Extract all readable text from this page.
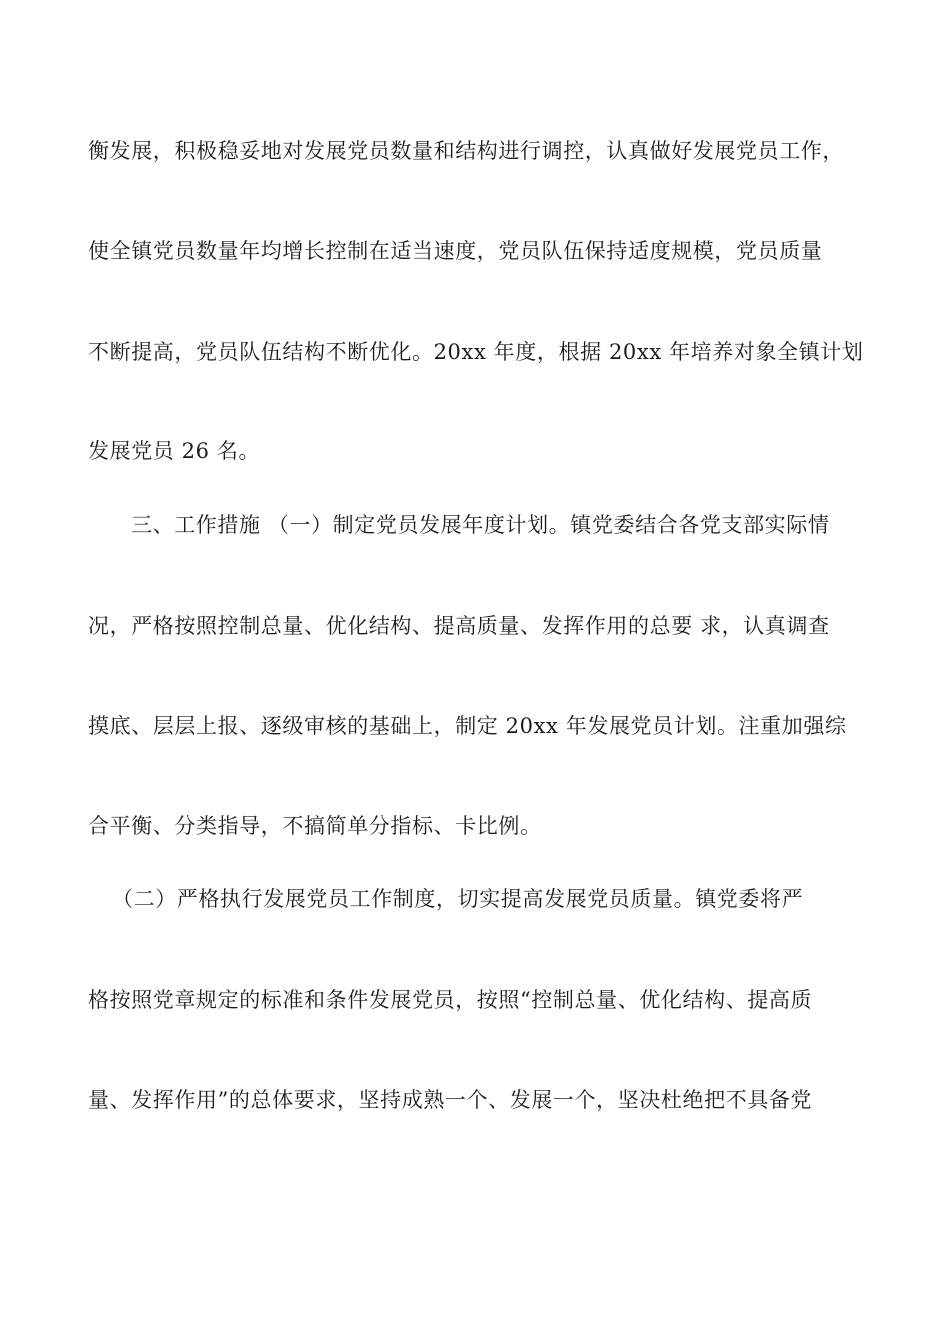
衡发展，积极稳妥地对发展党员数量和结构进行调控，认真做好发展党员工作，
使全镇党员数量年均增长控制在适当速度，党员队伍保持适度规模，党员质量
不断提高，党员队伍结构不断优化。20xx 年度，根据 20xx 年培养对象全镇计划
发展党员 26 名。
三、工作措施 （一）制定党员发展年度计划。镇党委结合各党支部实际情
况，严格按照控制总量、优化结构、提高质量、发挥作用的总要 求，认真调查
摸底、层层上报、逐级审核的基础上，制定 20xx 年发展党员计划。注重加强综
合平衡、分类指导，不搞简单分指标、卡比例。
（二）严格执行发展党员工作制度，切实提高发展党员质量。镇党委将严
格按照党章规定的标准和条件发展党员，按照“控制总量、优化结构、提高质
量、发挥作用”的总体要求，坚持成熟一个、发展一个，坚决杜绝把不具备党
